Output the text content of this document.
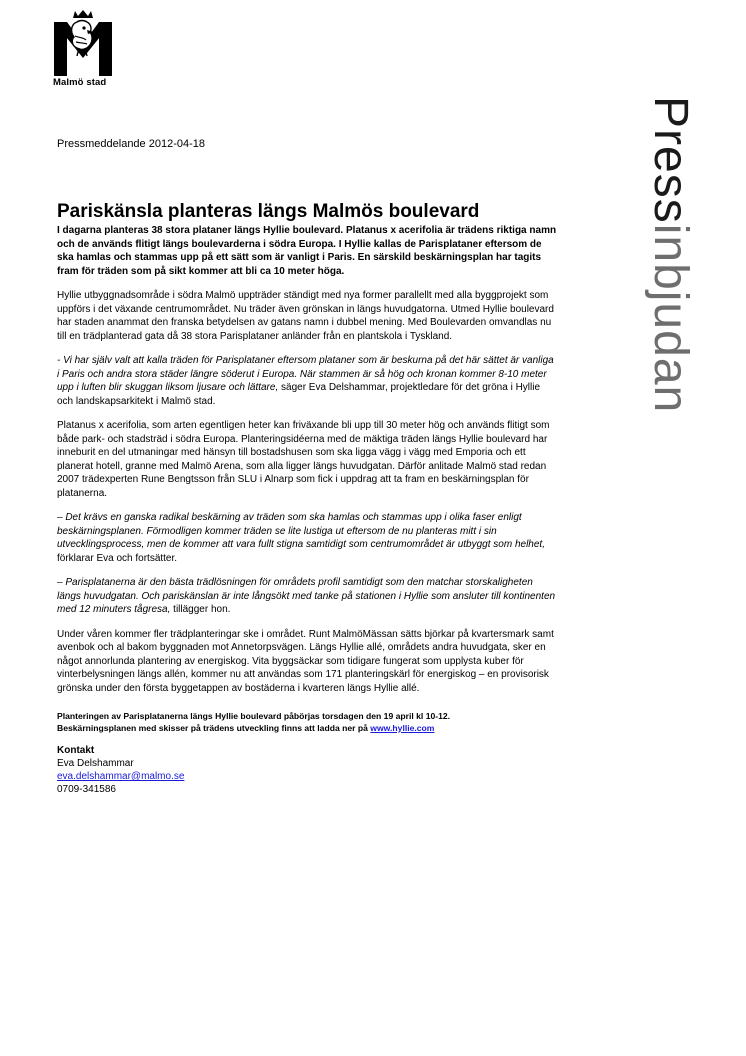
Malmö stad
Pressinbjudan
Pressmeddelande 2012-04-18
Pariskänsla planteras längs Malmös boulevard

I dagarna planteras 38 stora plataner längs Hyllie boulevard. Platanus x acerifolia är trädens riktiga namn och de används flitigt längs boulevarderna i södra Europa. I Hyllie kallas de Parisplataner eftersom de ska hamlas och stammas upp på ett sätt som är vanligt i Paris. En särskild beskärningsplan har tagits fram för träden som på sikt kommer att bli ca 10 meter höga.

Hyllie utbyggnadsområde i södra Malmö uppträder ständigt med nya former parallellt med alla byggprojekt som uppförs i det växande centrumområdet. Nu träder även grönskan in längs huvudgatorna. Utmed Hyllie boulevard har staden anammat den franska betydelsen av gatans namn i dubbel mening. Med Boulevarden omvandlas nu till en trädplanterad gata då 38 stora Parisplataner anländer från en plantskola i Tyskland.

- Vi har själv valt att kalla träden för Parisplataner eftersom plataner som är beskurna på det här sättet är vanliga i Paris och andra stora städer längre söderut i Europa. När stammen är så hög och kronan kommer 8-10 meter upp i luften blir skuggan liksom ljusare och lättare, säger Eva Delshammar, projektledare för det gröna i Hyllie och landskapsarkitekt i Malmö stad.

Platanus x acerifolia, som arten egentligen heter kan friväxande bli upp till 30 meter hög och används flitigt som både park- och stadsträd i södra Europa. Planteringsidéerna med de mäktiga träden längs Hyllie boulevard har inneburit en del utmaningar med hänsyn till bostadshusen som ska ligga vägg i vägg med Emporia och ett planerat hotell, granne med Malmö Arena, som alla ligger längs huvudgatan. Därför anlitade Malmö stad redan 2007 trädexperten Rune Bengtsson från SLU i Alnarp som fick i uppdrag att ta fram en beskärningsplan för platanerna.

– Det krävs en ganska radikal beskärning av träden som ska hamlas och stammas upp i olika faser enligt beskärningsplanen. Förmodligen kommer träden se lite lustiga ut eftersom de nu planteras mitt i sin utvecklingsprocess, men de kommer att vara fullt stigna samtidigt som centrumområdet är utbyggt som helhet, förklarar Eva och fortsätter.

– Parisplatanerna är den bästa trädlösningen för områdets profil samtidigt som den matchar storskaligheten längs huvudgatan. Och pariskänslan är inte långsökt med tanke på stationen i Hyllie som ansluter till kontinenten med 12 minuters tågresa, tillägger hon.

Under våren kommer fler trädplanteringar ske i området. Runt MalmöMässan sätts björkar på kvartersmark samt avenbok och al bakom byggnaden mot Annetorpsvägen. Längs Hyllie allé, områdets andra huvudgata, sker en något annorlunda plantering av energiskog. Vita byggsäckar som tidigare fungerat som upplysta kuber för vinterbelysningen längs allén, kommer nu att användas som 171 planteringskärl för energiskog – en provisorisk grönska under den första byggetappen av bostäderna i kvarteren längs Hyllie allé.

Planteringen av Parisplatanerna längs Hyllie boulevard påbörjas torsdagen den 19 april kl 10-12.
Beskärningsplanen med skisser på trädens utveckling finns att ladda ner på www.hyllie.com

Kontakt
Eva Delshammar
eva.delshammar@malmo.se
0709-341586
